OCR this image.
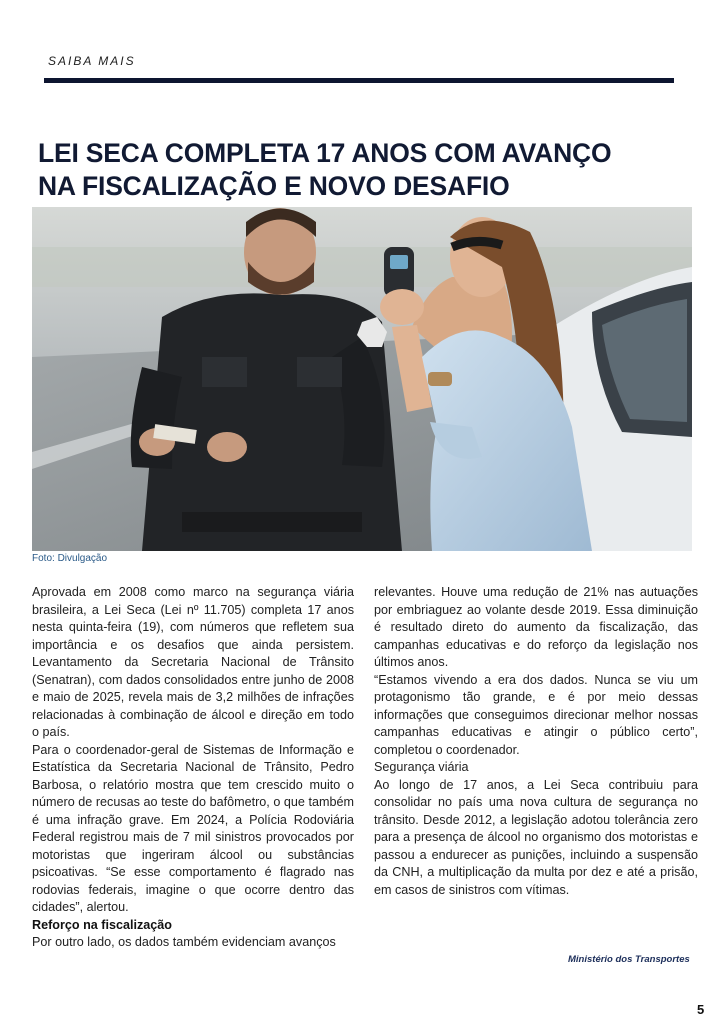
SAIBA MAIS
LEI SECA COMPLETA 17 ANOS COM AVANÇO
NA FISCALIZAÇÃO E NOVO DESAFIO
Foto: Divulgação

Aprovada em 2008 como marco na segurança viária brasileira, a Lei Seca (Lei nº 11.705) completa 17 anos nesta quinta-feira (19), com números que refletem sua importância e os desafios que ainda persistem. Levantamento da Secretaria Nacional de Trânsito (Senatran), com dados consolidados entre junho de 2008 e maio de 2025, revela mais de 3,2 milhões de infrações relacionadas à combinação de álcool e direção em todo o país.

Para o coordenador-geral de Sistemas de Informação e Estatística da Secretaria Nacional de Trânsito, Pedro Barbosa, o relatório mostra que tem crescido muito o número de recusas ao teste do bafômetro, o que também é uma infração grave. Em 2024, a Polícia Rodoviária Federal registrou mais de 7 mil sinistros provocados por motoristas que ingeriram álcool ou substâncias psicoativas. “Se esse comportamento é flagrado nas rodovias federais, imagine o que ocorre dentro das cidades”, alertou.

Reforço na fiscalização

Por outro lado, os dados também evidenciam avanços

relevantes. Houve uma redução de 21% nas autuações por embriaguez ao volante desde 2019. Essa diminuição é resultado direto do aumento da fiscalização, das campanhas educativas e do reforço da legislação nos últimos anos.

“Estamos vivendo a era dos dados. Nunca se viu um protagonismo tão grande, e é por meio dessas informações que conseguimos direcionar melhor nossas campanhas educativas e atingir o público certo”, completou o coordenador.

Segurança viária

Ao longo de 17 anos, a Lei Seca contribuiu para consolidar no país uma nova cultura de segurança no trânsito. Desde 2012, a legislação adotou tolerância zero para a presença de álcool no organismo dos motoristas e passou a endurecer as punições, incluindo a suspensão da CNH, a multiplicação da multa por dez e até a prisão, em casos de sinistros com vítimas.

Ministério dos Transportes
5
